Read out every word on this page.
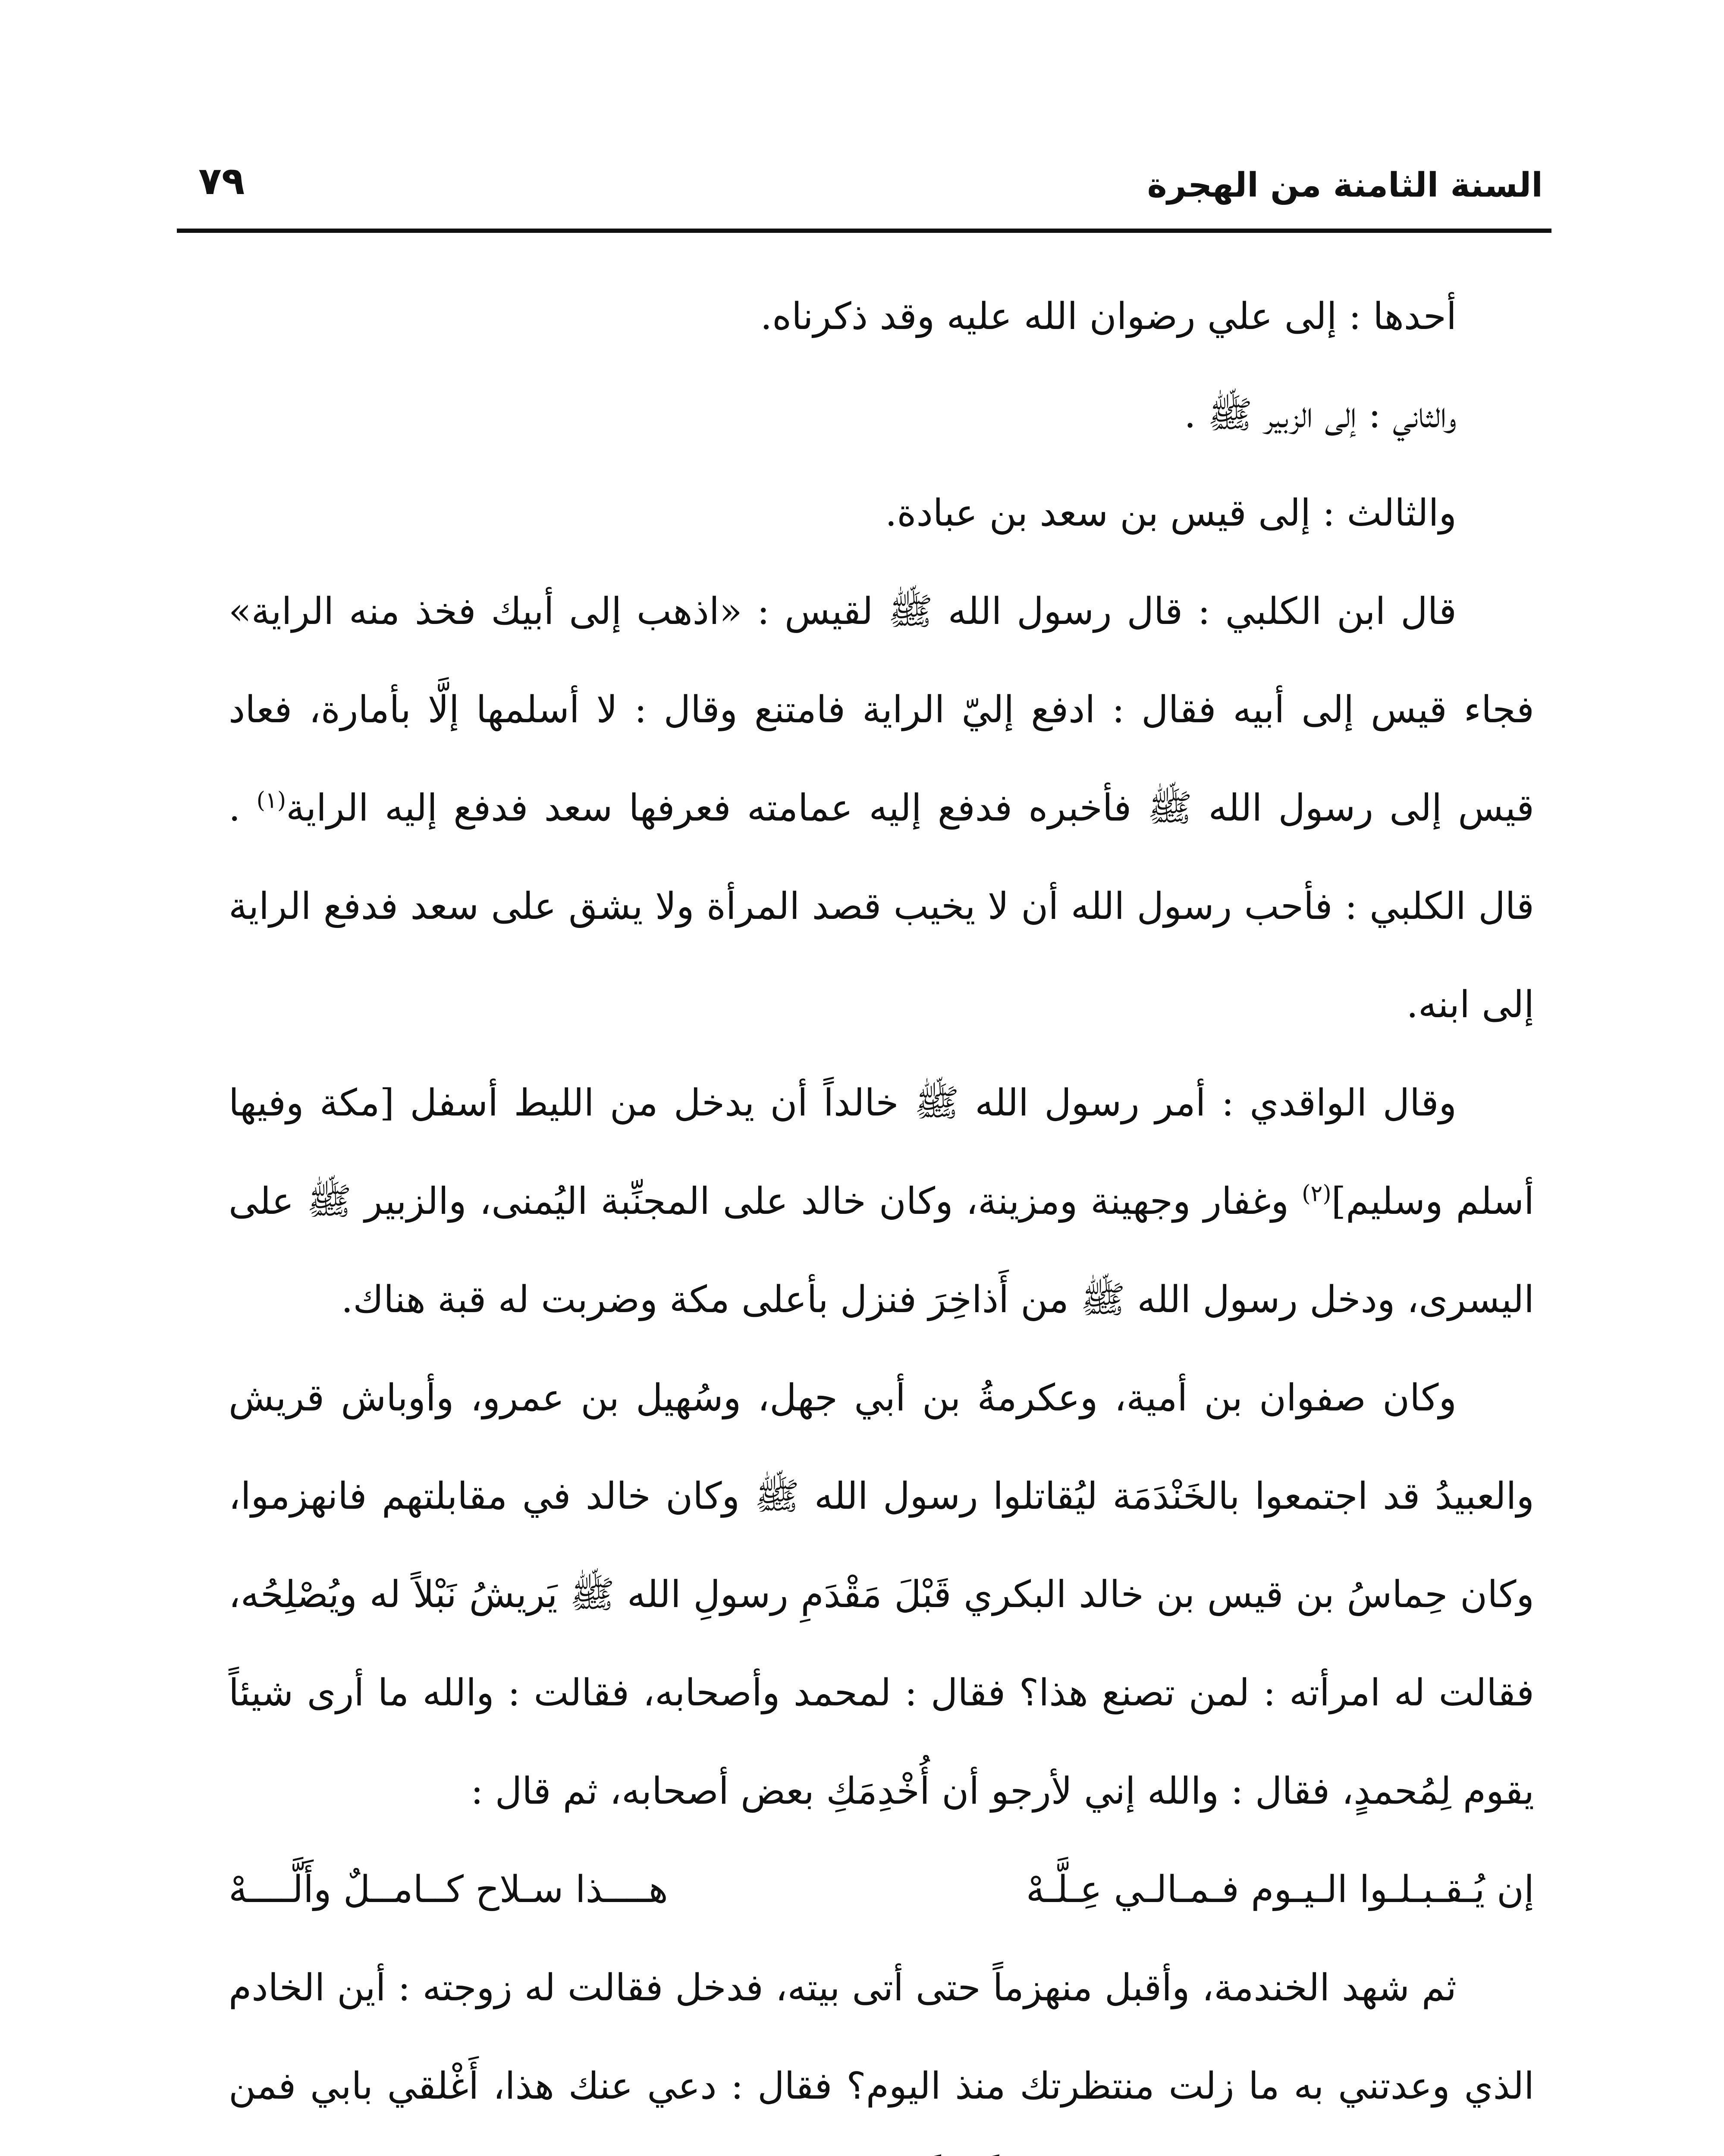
السنة الثامنة من الهجرة
٧٩

أحدها : إلى علي رضوان الله عليه وقد ذكرناه.

والثاني : إلى الزبير ﷺ .

والثالث : إلى قيس بن سعد بن عبادة.

قال ابن الكلبي : قال رسول الله ﷺ لقيس : «اذهب إلى أبيك فخذ منه الراية» فجاء قيس إلى أبيه فقال : ادفع إليّ الراية فامتنع وقال : لا أسلمها إلَّا بأمارة، فعاد قيس إلى رسول الله ﷺ فأخبره فدفع إليه عمامته فعرفها سعد فدفع إليه الراية$^{(١)}$ . قال الكلبي : فأحب رسول الله أن لا يخيب قصد المرأة ولا يشق على سعد فدفع الراية إلى ابنه.

وقال الواقدي : أمر رسول الله ﷺ خالداً أن يدخل من الليط أسفل [مكة وفيها أسلم وسليم]$^{(٢)}$ وغفار وجهينة ومزينة، وكان خالد على المجنِّبة اليُمنى، والزبير ﷺ على اليسرى، ودخل رسول الله ﷺ من أَذاخِرَ فنزل بأعلى مكة وضربت له قبة هناك.

وكان صفوان بن أمية، وعكرمةُ بن أبي جهل، وسُهيل بن عمرو، وأوباش قريش والعبيدُ قد اجتمعوا بالخَنْدَمَة ليُقاتلوا رسول الله ﷺ وكان خالد في مقابلتهم فانهزموا، وكان حِماسُ بن قيس بن خالد البكري قَبْلَ مَقْدَمِ رسولِ الله ﷺ يَريشُ نَبْلاً له ويُصْلِحُه، فقالت له امرأته : لمن تصنع هذا؟ فقال : لمحمد وأصحابه، فقالت : والله ما أرى شيئاً يقوم لِمُحمدٍ، فقال : والله إني لأرجو أن أُخْدِمَكِ بعض أصحابه، ثم قال :

إن يُـقـبـلـوا الـيـوم فـمـالـي عِـلَّـهْ
هــــذا سـلاح كــامــلٌ وأَلَّــــهْ

ثم شهد الخندمة، وأقبل منهزماً حتى أتى بيته، فدخل فقالت له زوجته : أين الخادم الذي وعدتني به ما زلت منتظرتك منذ اليوم؟ فقال : دعي عنك هذا، أَغْلقي بابي فمن
